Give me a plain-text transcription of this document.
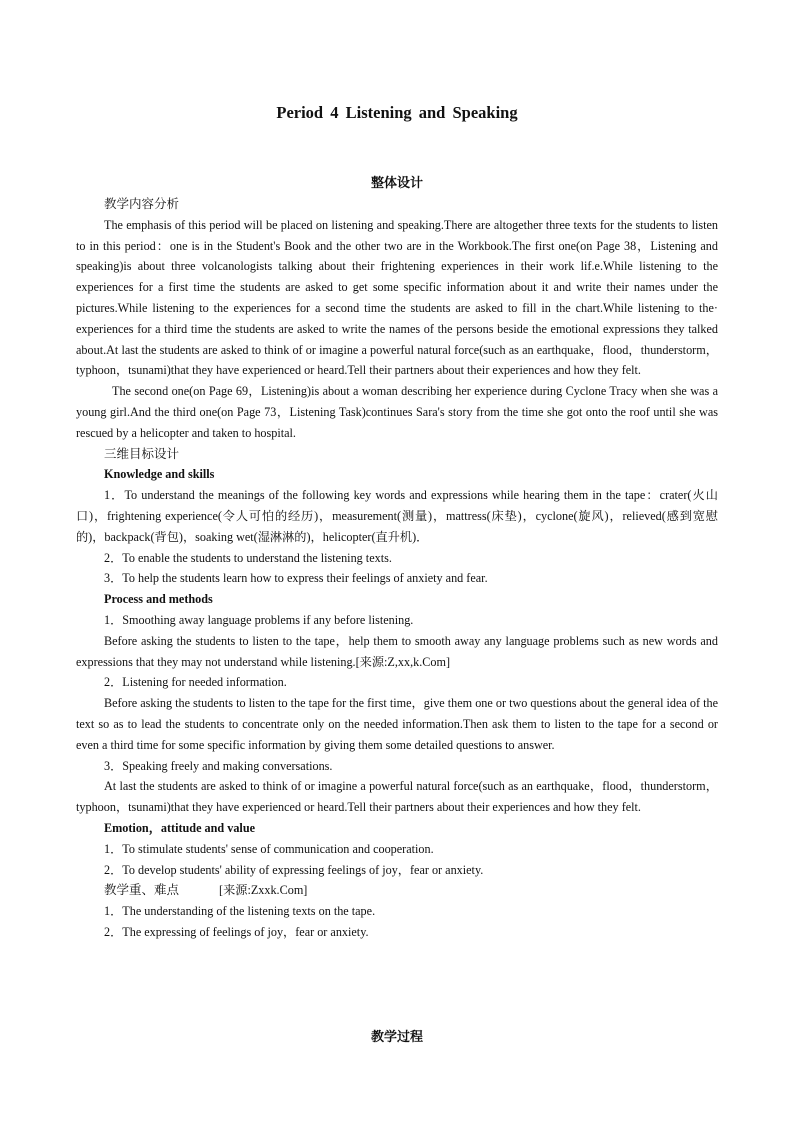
Period 4 Listening and Speaking
整体设计

教学内容分析

The emphasis of this period will be placed on listening and speaking.There are altogether three texts for the students to listen to in this period：one is in the Student's Book and the other two are in the Workbook.The first one(on Page 38，Listening and speaking)is about three volcanologists talking about their frightening experiences in their work lif.e.While listening to the experiences for a first time the students are asked to get some specific information about it and write their names under the pictures.While listening to the experiences for a second time the students are asked to fill in the chart.While listening to the· experiences for a third time the students are asked to write the names of the persons beside the emotional expressions they talked about.At last the students are asked to think of or imagine a powerful natural force(such as an earthquake，flood，thunderstorm，typhoon，tsunami)that they have experienced or heard.Tell their partners about their experiences and how they felt.

The second one(on Page 69，Listening)is about a woman describing her experience during Cyclone Tracy when she was a young girl.And the third one(on Page 73，Listening Task)continues Sara's story from the time she got onto the roof until she was rescued by a helicopter and taken to hospital.

三维目标设计

Knowledge and skills

1．To understand the meanings of the following key words and expressions while hearing them in the tape：crater(火山口)，frightening experience(令人可怕的经历)，measurement(测量)，mattress(床垫)，cyclone(旋风)，relieved(感到宽慰的)，backpack(背包)，soaking wet(湿淋淋的)，helicopter(直升机)．

2．To enable the students to understand the listening texts.

3．To help the students learn how to express their feelings of anxiety and fear.

Process and methods

1．Smoothing away language problems if any before listening.

Before asking the students to listen to the tape，help them to smooth away any language problems such as new words and expressions that they may not understand while listening.[来源:Z,xx,k.Com]

2．Listening for needed information.

Before asking the students to listen to the tape for the first time，give them one or two questions about the general idea of the text so as to lead the students to concentrate only on the needed information.Then ask them to listen to the tape for a second or even a third time for some specific information by giving them some detailed questions to answer.

3．Speaking freely and making conversations.

At last the students are asked to think of or imagine a powerful natural force(such as an earthquake，flood，thunderstorm，typhoon，tsunami)that they have experienced or heard.Tell their partners about their experiences and how they felt.

Emotion，attitude and value

1．To stimulate students' sense of communication and cooperation.

2．To develop students' ability of expressing feelings of joy，fear or anxiety.

教学重、难点	[来源:Zxxk.Com]

1．The understanding of the listening texts on the tape.

2．The expressing of feelings of joy，fear or anxiety.

教学过程
